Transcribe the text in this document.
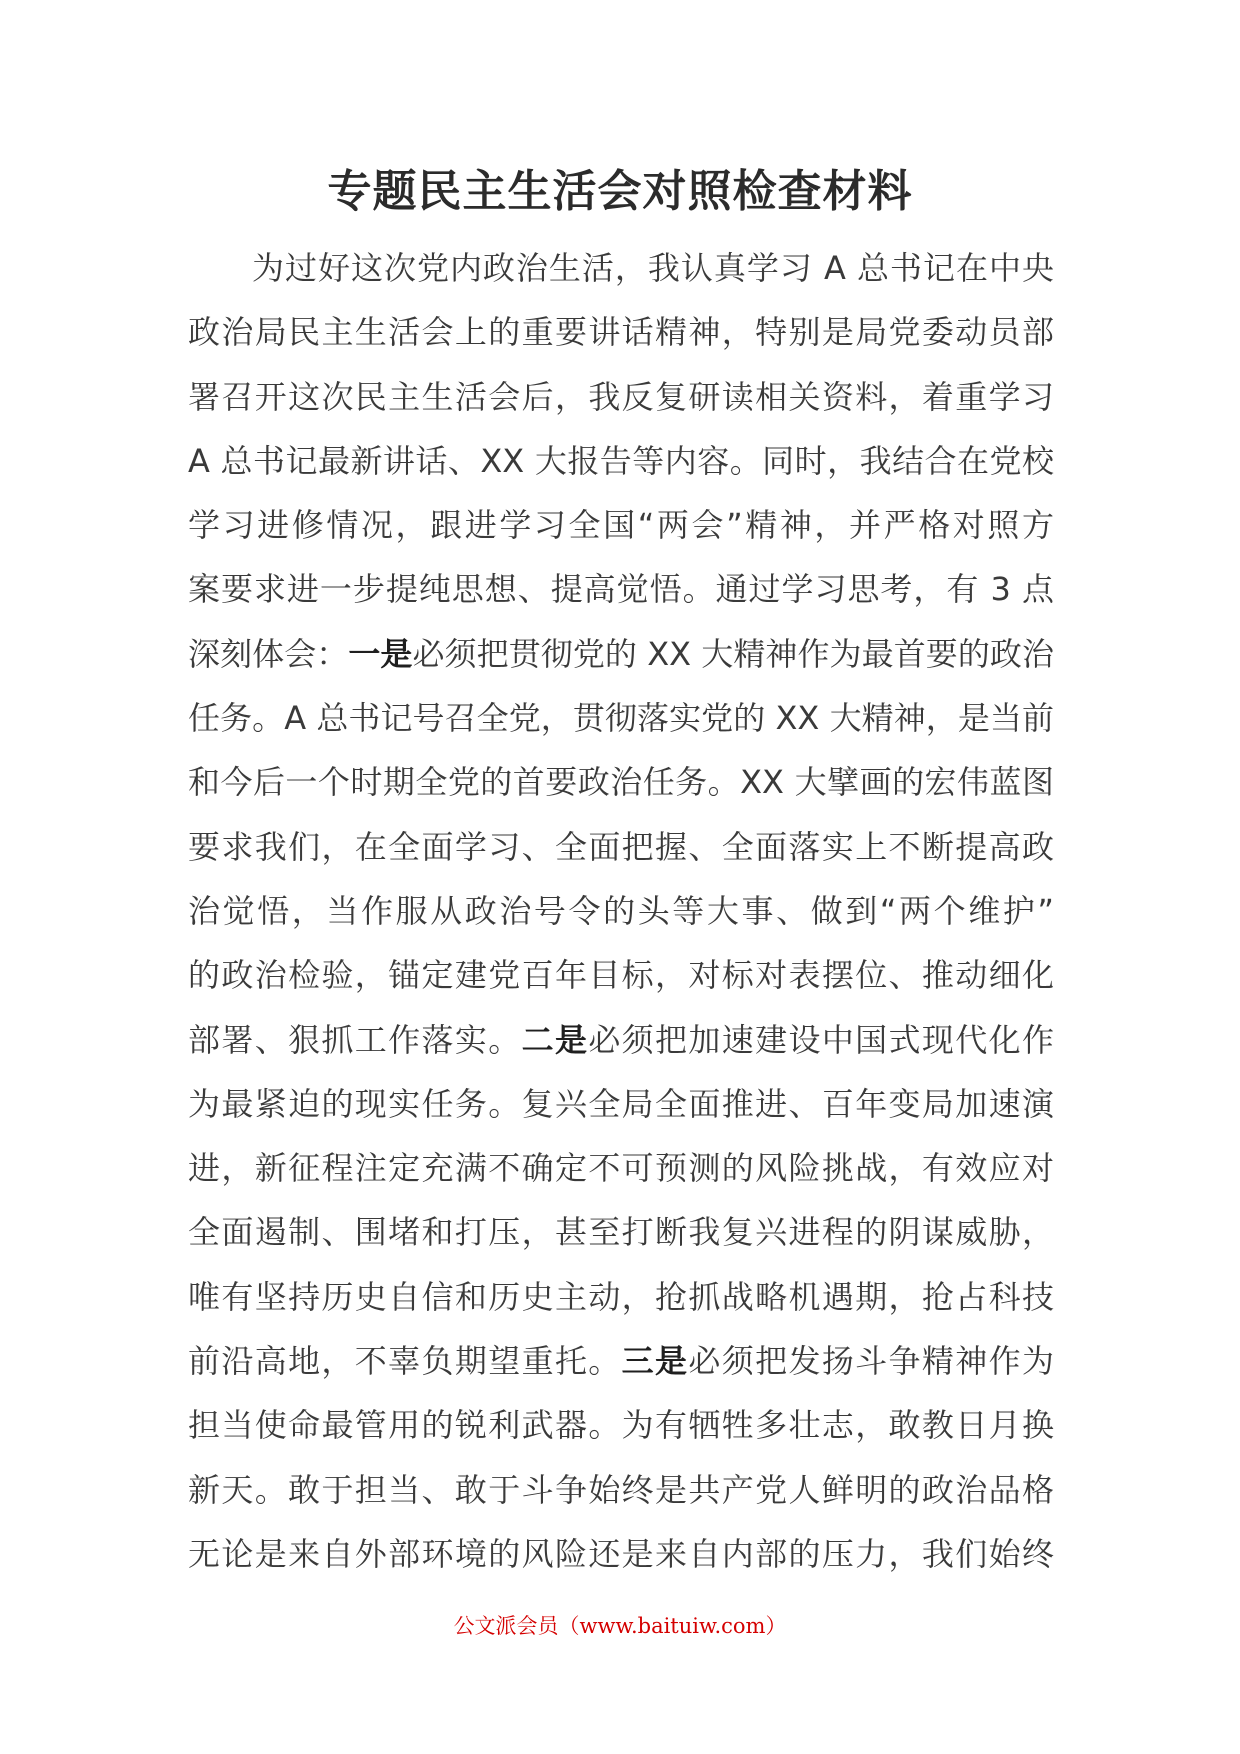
专题民主生活会对照检查材料
为过好这次党内政治生活，我认真学习 A 总书记在中央
政治局民主生活会上的重要讲话精神，特别是局党委动员部
署召开这次民主生活会后，我反复研读相关资料，着重学习
A 总书记最新讲话、XX 大报告等内容。同时，我结合在党校
学习进修情况，跟进学习全国“两会”精神，并严格对照方
案要求进一步提纯思想、提高觉悟。通过学习思考，有 3 点
深刻体会：一是必须把贯彻党的 XX 大精神作为最首要的政治
任务。A 总书记号召全党，贯彻落实党的 XX 大精神，是当前
和今后一个时期全党的首要政治任务。XX 大擘画的宏伟蓝图
要求我们，在全面学习、全面把握、全面落实上不断提高政
治觉悟，当作服从政治号令的头等大事、做到“两个维护”
的政治检验，锚定建党百年目标，对标对表摆位、推动细化
部署、狠抓工作落实。二是必须把加速建设中国式现代化作
为最紧迫的现实任务。复兴全局全面推进、百年变局加速演
进，新征程注定充满不确定不可预测的风险挑战，有效应对
全面遏制、围堵和打压，甚至打断我复兴进程的阴谋威胁，
唯有坚持历史自信和历史主动，抢抓战略机遇期，抢占科技
前沿高地，不辜负期望重托。三是必须把发扬斗争精神作为
担当使命最管用的锐利武器。为有牺牲多壮志，敢教日月换
新天。敢于担当、敢于斗争始终是共产党人鲜明的政治品格
无论是来自外部环境的风险还是来自内部的压力，我们始终
公文派会员（www.baituiw.com）
